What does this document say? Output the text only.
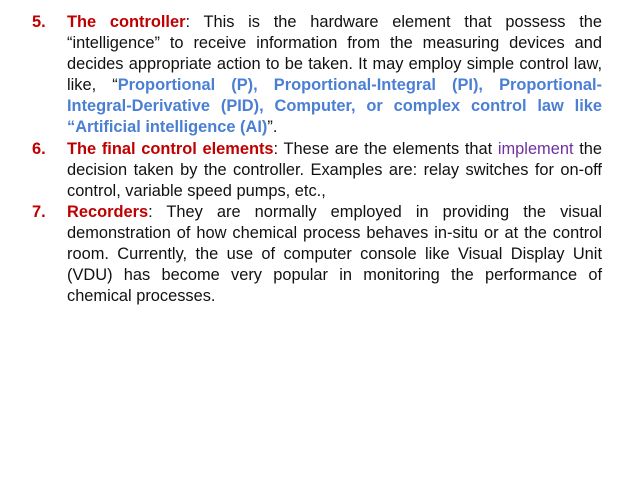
5. The controller: This is the hardware element that possess the “intelligence” to receive information from the measuring devices and decides appropriate action to be taken. It may employ simple control law, like, “Proportional (P), Proportional-Integral (PI), Proportional-Integral-Derivative (PID), Computer, or complex control law like “Artificial intelligence (AI)”.
6. The final control elements: These are the elements that implement the decision taken by the controller. Examples are: relay switches for on-off control, variable speed pumps, etc.,
7. Recorders: They are normally employed in providing the visual demonstration of how chemical process behaves in-situ or at the control room. Currently, the use of computer console like Visual Display Unit (VDU) has become very popular in monitoring the performance of chemical processes.
